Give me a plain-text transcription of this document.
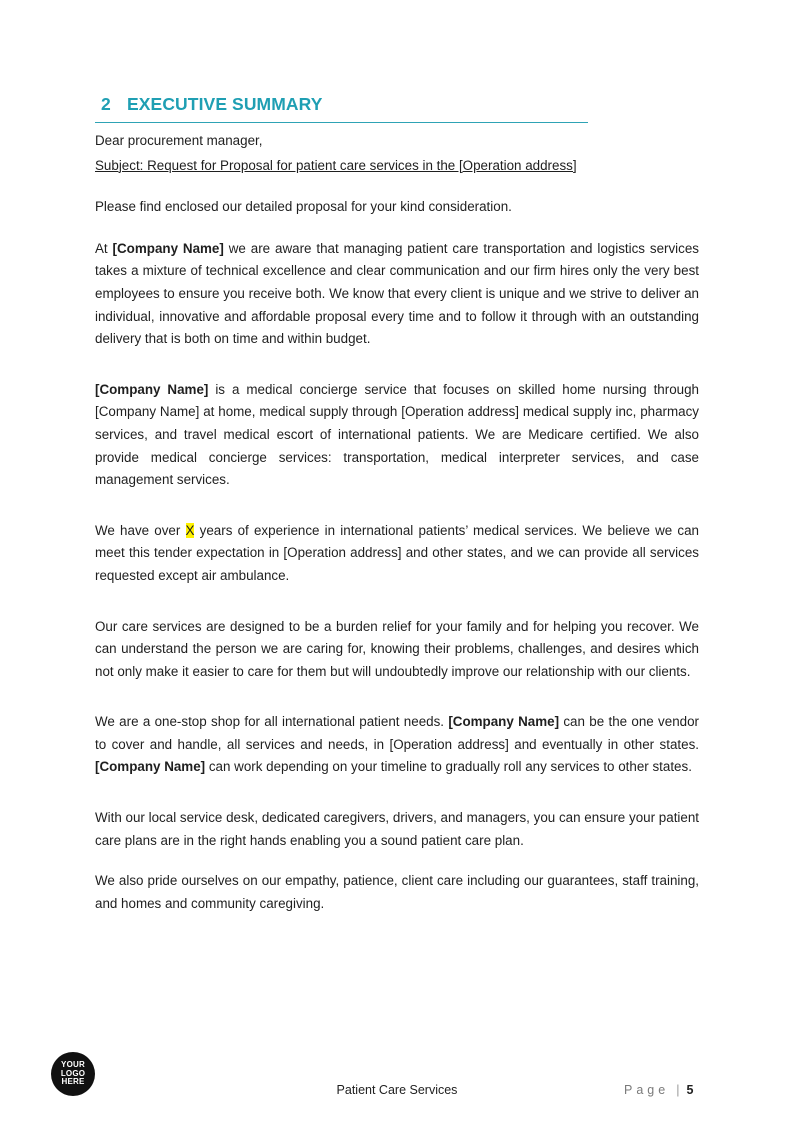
2 EXECUTIVE SUMMARY

Dear procurement manager,

Subject: Request for Proposal for patient care services in the [Operation address]

Please find enclosed our detailed proposal for your kind consideration.

At [Company Name] we are aware that managing patient care transportation and logistics services takes a mixture of technical excellence and clear communication and our firm hires only the very best employees to ensure you receive both. We know that every client is unique and we strive to deliver an individual, innovative and affordable proposal every time and to follow it through with an outstanding delivery that is both on time and within budget.

[Company Name] is a medical concierge service that focuses on skilled home nursing through [Company Name] at home, medical supply through [Operation address] medical supply inc, pharmacy services, and travel medical escort of international patients. We are Medicare certified. We also provide medical concierge services: transportation, medical interpreter services, and case management services.

We have over X years of experience in international patients’ medical services. We believe we can meet this tender expectation in [Operation address] and other states, and we can provide all services requested except air ambulance.

Our care services are designed to be a burden relief for your family and for helping you recover. We can understand the person we are caring for, knowing their problems, challenges, and desires which not only make it easier to care for them but will undoubtedly improve our relationship with our clients.

We are a one-stop shop for all international patient needs. [Company Name] can be the one vendor to cover and handle, all services and needs, in [Operation address] and eventually in other states. [Company Name] can work depending on your timeline to gradually roll any services to other states.

With our local service desk, dedicated caregivers, drivers, and managers, you can ensure your patient care plans are in the right hands enabling you a sound patient care plan.

We also pride ourselves on our empathy, patience, client care including our guarantees, staff training, and homes and community caregiving.

YOUR
LOGO
HERE
Patient Care Services	Page | 5
